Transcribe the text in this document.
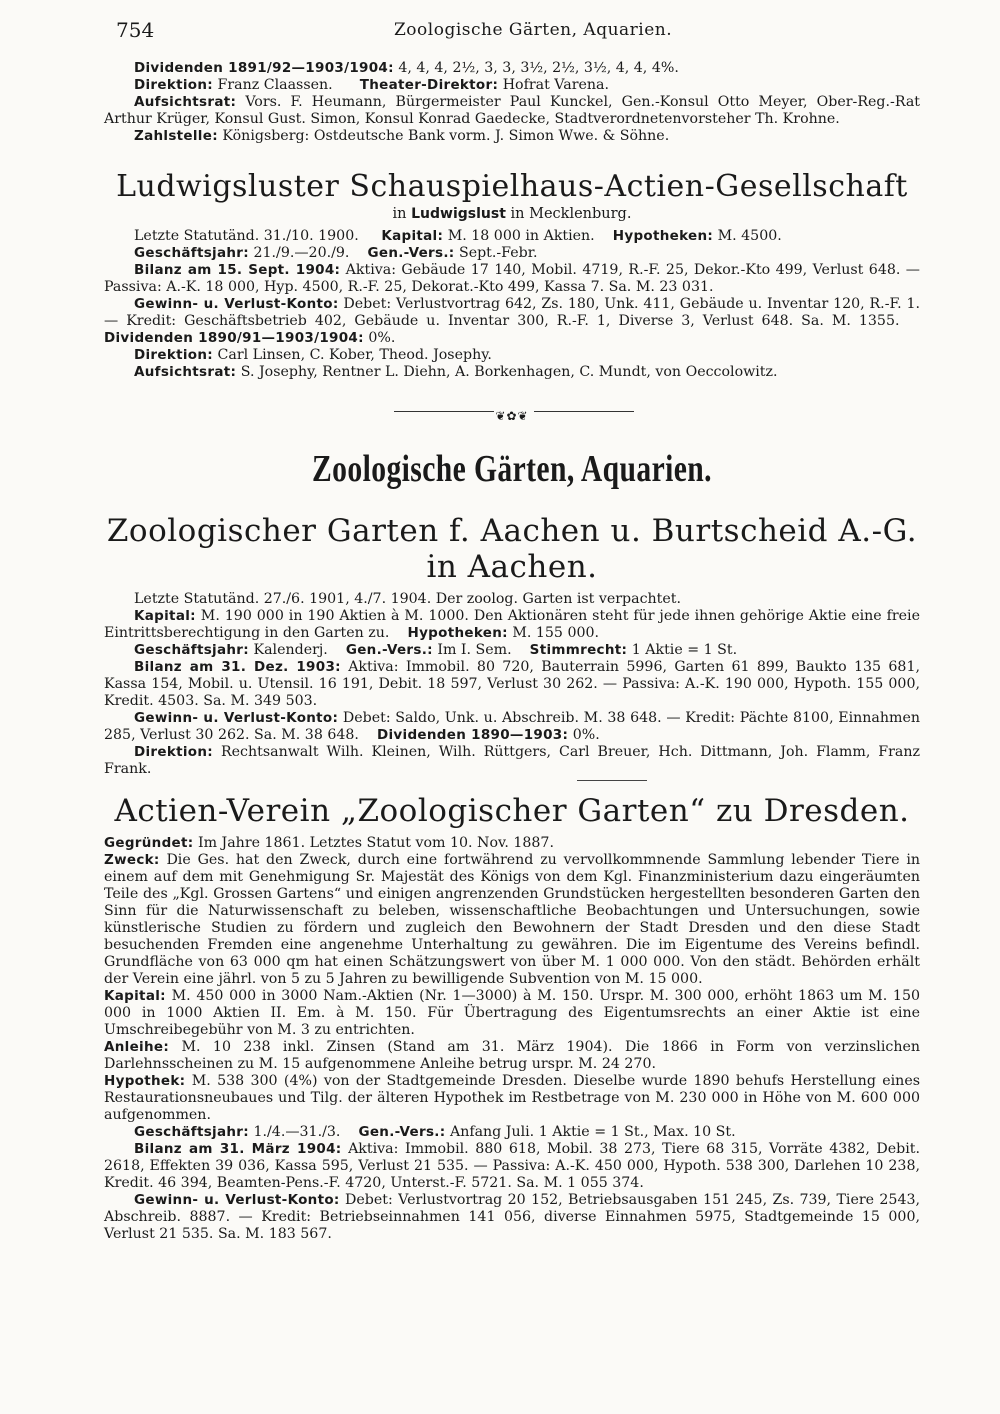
754	Zoologische Gärten, Aquarien.

Dividenden 1891/92—1903/1904: 4, 4, 4, 2½, 3, 3, 3½, 2½, 3½, 4, 4, 4%.

Direktion: Franz Claassen. Theater-Direktor: Hofrat Varena.

Aufsichtsrat: Vors. F. Heumann, Bürgermeister Paul Kunckel, Gen.-Konsul Otto Meyer, Ober-Reg.-Rat Arthur Krüger, Konsul Gust. Simon, Konsul Konrad Gaedecke, Stadtverordnetenvorsteher Th. Krohne.

Zahlstelle: Königsberg: Ostdeutsche Bank vorm. J. Simon Wwe. & Söhne.

Ludwigsluster Schauspielhaus-Actien-Gesellschaft
in Ludwigslust in Mecklenburg.

Letzte Statutänd. 31./10. 1900. Kapital: M. 18 000 in Aktien. Hypotheken: M. 4500.

Geschäftsjahr: 21./9.—20./9. Gen.-Vers.: Sept.-Febr.

Bilanz am 15. Sept. 1904: Aktiva: Gebäude 17 140, Mobil. 4719, R.-F. 25, Dekor.-Kto 499, Verlust 648. — Passiva: A.-K. 18 000, Hyp. 4500, R.-F. 25, Dekorat.-Kto 499, Kassa 7. Sa. M. 23 031.

Gewinn- u. Verlust-Konto: Debet: Verlustvortrag 642, Zs. 180, Unk. 411, Gebäude u. Inventar 120, R.-F. 1. — Kredit: Geschäftsbetrieb 402, Gebäude u. Inventar 300, R.-F. 1, Diverse 3, Verlust 648. Sa. M. 1355.    Dividenden 1890/91—1903/1904: 0%.

Direktion: Carl Linsen, C. Kober, Theod. Josephy.

Aufsichtsrat: S. Josephy, Rentner L. Diehn, A. Borkenhagen, C. Mundt, von Oeccolowitz.

❦✿❦
Zoologische Gärten, Aquarien.
Zoologischer Garten f. Aachen u. Burtscheid A.-G. in Aachen.

Letzte Statutänd. 27./6. 1901, 4./7. 1904. Der zoolog. Garten ist verpachtet.

Kapital: M. 190 000 in 190 Aktien à M. 1000. Den Aktionären steht für jede ihnen gehörige Aktie eine freie Eintrittsberechtigung in den Garten zu. Hypotheken: M. 155 000.

Geschäftsjahr: Kalenderj. Gen.-Vers.: Im I. Sem. Stimmrecht: 1 Aktie = 1 St.

Bilanz am 31. Dez. 1903: Aktiva: Immobil. 80 720, Bauterrain 5996, Garten 61 899, Baukto 135 681, Kassa 154, Mobil. u. Utensil. 16 191, Debit. 18 597, Verlust 30 262. — Passiva: A.-K. 190 000, Hypoth. 155 000, Kredit. 4503. Sa. M. 349 503.

Gewinn- u. Verlust-Konto: Debet: Saldo, Unk. u. Abschreib. M. 38 648. — Kredit: Pächte 8100, Einnahmen 285, Verlust 30 262. Sa. M. 38 648. Dividenden 1890—1903: 0%.

Direktion: Rechtsanwalt Wilh. Kleinen, Wilh. Rüttgers, Carl Breuer, Hch. Dittmann, Joh. Flamm, Franz Frank.

Actien-Verein „Zoologischer Garten“ zu Dresden.

Gegründet: Im Jahre 1861. Letztes Statut vom 10. Nov. 1887.

Zweck: Die Ges. hat den Zweck, durch eine fortwährend zu vervollkommnende Sammlung lebender Tiere in einem auf dem mit Genehmigung Sr. Majestät des Königs von dem Kgl. Finanzministerium dazu eingeräumten Teile des „Kgl. Grossen Gartens“ und einigen angrenzenden Grundstücken hergestellten besonderen Garten den Sinn für die Naturwissenschaft zu beleben, wissenschaftliche Beobachtungen und Untersuchungen, sowie künstlerische Studien zu fördern und zugleich den Bewohnern der Stadt Dresden und den diese Stadt besuchenden Fremden eine angenehme Unterhaltung zu gewähren. Die im Eigentume des Vereins befindl. Grundfläche von 63 000 qm hat einen Schätzungswert von über M. 1 000 000. Von den städt. Behörden erhält der Verein eine jährl. von 5 zu 5 Jahren zu bewilligende Subvention von M. 15 000.

Kapital: M. 450 000 in 3000 Nam.-Aktien (Nr. 1—3000) à M. 150. Urspr. M. 300 000, erhöht 1863 um M. 150 000 in 1000 Aktien II. Em. à M. 150. Für Übertragung des Eigentumsrechts an einer Aktie ist eine Umschreibegebühr von M. 3 zu entrichten.

Anleihe: M. 10 238 inkl. Zinsen (Stand am 31. März 1904). Die 1866 in Form von verzinslichen Darlehnsscheinen zu M. 15 aufgenommene Anleihe betrug urspr. M. 24 270.

Hypothek: M. 538 300 (4%) von der Stadtgemeinde Dresden. Dieselbe wurde 1890 behufs Herstellung eines Restaurationsneubaues und Tilg. der älteren Hypothek im Restbetrage von M. 230 000 in Höhe von M. 600 000 aufgenommen.

Geschäftsjahr: 1./4.—31./3. Gen.-Vers.: Anfang Juli. 1 Aktie = 1 St., Max. 10 St.

Bilanz am 31. März 1904: Aktiva: Immobil. 880 618, Mobil. 38 273, Tiere 68 315, Vorräte 4382, Debit. 2618, Effekten 39 036, Kassa 595, Verlust 21 535. — Passiva: A.-K. 450 000, Hypoth. 538 300, Darlehen 10 238, Kredit. 46 394, Beamten-Pens.-F. 4720, Unterst.-F. 5721. Sa. M. 1 055 374.

Gewinn- u. Verlust-Konto: Debet: Verlustvortrag 20 152, Betriebsausgaben 151 245, Zs. 739, Tiere 2543, Abschreib. 8887. — Kredit: Betriebseinnahmen 141 056, diverse Einnahmen 5975, Stadtgemeinde 15 000, Verlust 21 535. Sa. M. 183 567.
